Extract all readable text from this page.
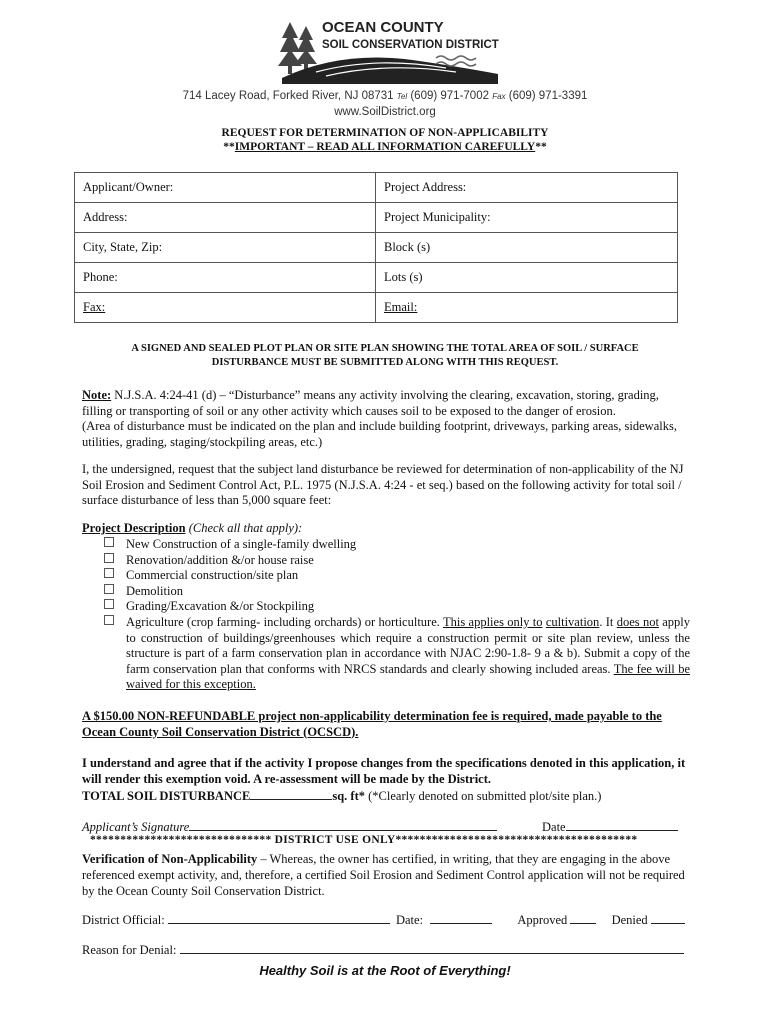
OCEAN COUNTY
SOIL CONSERVATION DISTRICT
714 Lacey Road, Forked River, NJ 08731 Tel (609) 971-7002 Fax (609) 971-3391
www.SoilDistrict.org
REQUEST FOR DETERMINATION OF NON-APPLICABILITY
**IMPORTANT – READ ALL INFORMATION CAREFULLY**
Applicant/Owner:	Project Address:
Address:	Project Municipality:
City, State, Zip:	Block (s)
Phone:	Lots (s)
Fax:	Email:
A SIGNED AND SEALED PLOT PLAN OR SITE PLAN SHOWING THE TOTAL AREA OF SOIL / SURFACE DISTURBANCE MUST BE SUBMITTED ALONG WITH THIS REQUEST.
Note: N.J.S.A. 4:24-41 (d) – “Disturbance” means any activity involving the clearing, excavation, storing, grading, filling or transporting of soil or any other activity which causes soil to be exposed to the danger of erosion.
(Area of disturbance must be indicated on the plan and include building footprint, driveways, parking areas, sidewalks, utilities, grading, staging/stockpiling areas, etc.)
I, the undersigned, request that the subject land disturbance be reviewed for determination of non-applicability of the NJ Soil Erosion and Sediment Control Act, P.L. 1975 (N.J.S.A. 4:24 - et seq.) based on the following activity for total soil / surface disturbance of less than 5,000 square feet:
Project Description (Check all that apply):
New Construction of a single-family dwelling
Renovation/addition &/or house raise
Commercial construction/site plan
Demolition
Grading/Excavation &/or Stockpiling
Agriculture (crop farming- including orchards) or horticulture. This applies only to cultivation. It does not apply to construction of buildings/greenhouses which require a construction permit or site plan review, unless the structure is part of a farm conservation plan in accordance with NJAC 2:90-1.8- 9 a & b). Submit a copy of the farm conservation plan that conforms with NRCS standards and clearly showing included areas. The fee will be waived for this exception.
A $150.00 NON-REFUNDABLE project non-applicability determination fee is required, made payable to the Ocean County Soil Conservation District (OCSCD).
I understand and agree that if the activity I propose changes from the specifications denoted in this application, it will render this exemption void. A re-assessment will be made by the District.
TOTAL SOIL DISTURBANCE	sq. ft* (*Clearly denoted on submitted plot/site plan.)
Applicant’s Signature	Date
****************************** DISTRICT USE ONLY****************************************
Verification of Non-Applicability – Whereas, the owner has certified, in writing, that they are engaging in the above referenced exempt activity, and, therefore, a certified Soil Erosion and Sediment Control application will not be required by the Ocean County Soil Conservation District.
District Official:	Date:	Approved	Denied
Reason for Denial:
Healthy Soil is at the Root of Everything!
